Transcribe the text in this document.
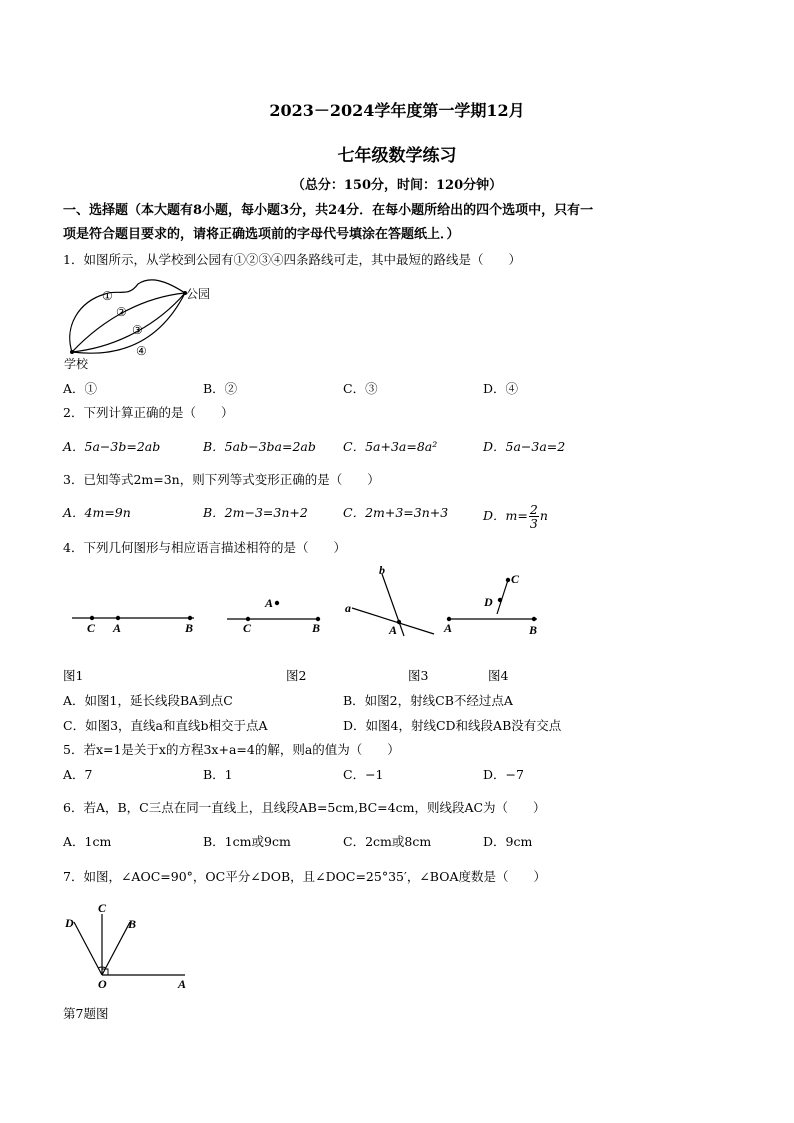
2023－2024学年度第一学期12月
七年级数学练习
（总分：150分，时间：120分钟）
一、选择题（本大题有8小题，每小题3分，共24分．在每小题所给出的四个选项中，只有一
项是符合题目要求的，请将正确选项前的字母代号填涂在答题纸上．）
1．如图所示，从学校到公园有①②③④四条路线可走，其中最短的路线是（　　）
①
②
③
④
公园
学校
A．①	B．②	C．③	D．④
2．下列计算正确的是（　　）
A．5a−3b=2ab	B．5ab−3ba=2ab C．5a+3a=8a²	D．5a−3a=2
3．已知等式2m=3n，则下列等式变形正确的是（　　）
A．4m=9n	B．2m−3=3n+2	C．2m+3=3n+3	D．$m= \frac{2}{3}$ n
4．下列几何图形与相应语言描述相符的是（　　）
C A	B	C
A
B
a
b
A	A	B
D
C
图1	图2	图3	图4
A．如图1，延长线段BA到点C	B．如图2，射线CB不经过点A
C．如图3，直线a和直线b相交于点A	D．如图4，射线CD和线段AB没有交点
5．若x=1是关于x的方程3x+a=4的解，则a的值为（　　）
A．7	B．1	C．−1	D．−7
6．若A，B，C三点在同一直线上，且线段AB=5cm,BC=4cm，则线段AC为（　　）
A．1cm	B．1cm或9cm	C．2cm或8cm	D．9cm
7．如图，∠AOC=90°，OC平分∠DOB，且∠DOC=25°35′，∠BOA度数是（　　）
D
C
B
O	A
第7题图
